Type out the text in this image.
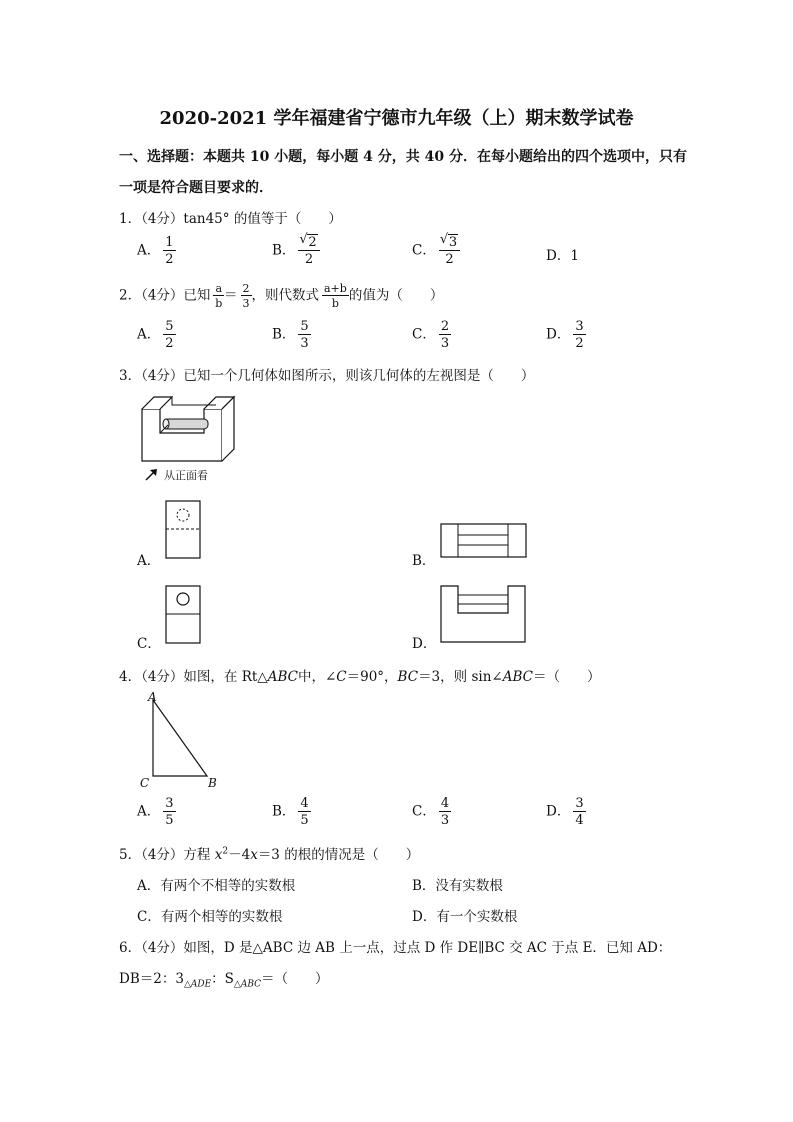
2020-2021 学年福建省宁德市九年级（上）期末数学试卷
一、选择题：本题共 10 小题，每小题 4 分，共 40 分．在每小题给出的四个选项中，只有
一项是符合题目要求的．
1．（4分）tan45° 的值等于（　　）
A． $\frac{1}{2}$	B． $\frac{√ 2}{2}$	C． $\frac{√ 3}{2}$	D．1
2．（4分）已知 $\frac{a}{b} = \frac{2}{3}$ ，则代数式 $\frac{a+b}{b}$ 的值为（　　）
A． $\frac{5}{2}$	B． $\frac{5}{3}$	C． $\frac{2}{3}$	D． $\frac{3}{2}$
3．（4分）已知一个几何体如图所示，则该几何体的左视图是（　　）
从正面看
A．	B．
C．	D．
4．（4分）如图，在 Rt△ABC中，∠C＝90°，BC＝3，则 sin∠ABC＝（　　）
A
C	B
A． $\frac{3}{5}$	B． $\frac{4}{5}$	C． $\frac{4}{3}$	D． $\frac{3}{4}$
5．（4分）方程 $x^2-4x=3$ 的根的情况是（　　）
A．有两个不相等的实数根	B．没有实数根
C．有两个相等的实数根	D．有一个实数根
6．（4分）如图，D 是△ABC 边 AB 上一点，过点 D 作 DE∥BC 交 AC 于点 E．已知 AD：
DB＝2：$3_{\triangle ADE}$：$S_{\triangle ABC}=$（　　）
